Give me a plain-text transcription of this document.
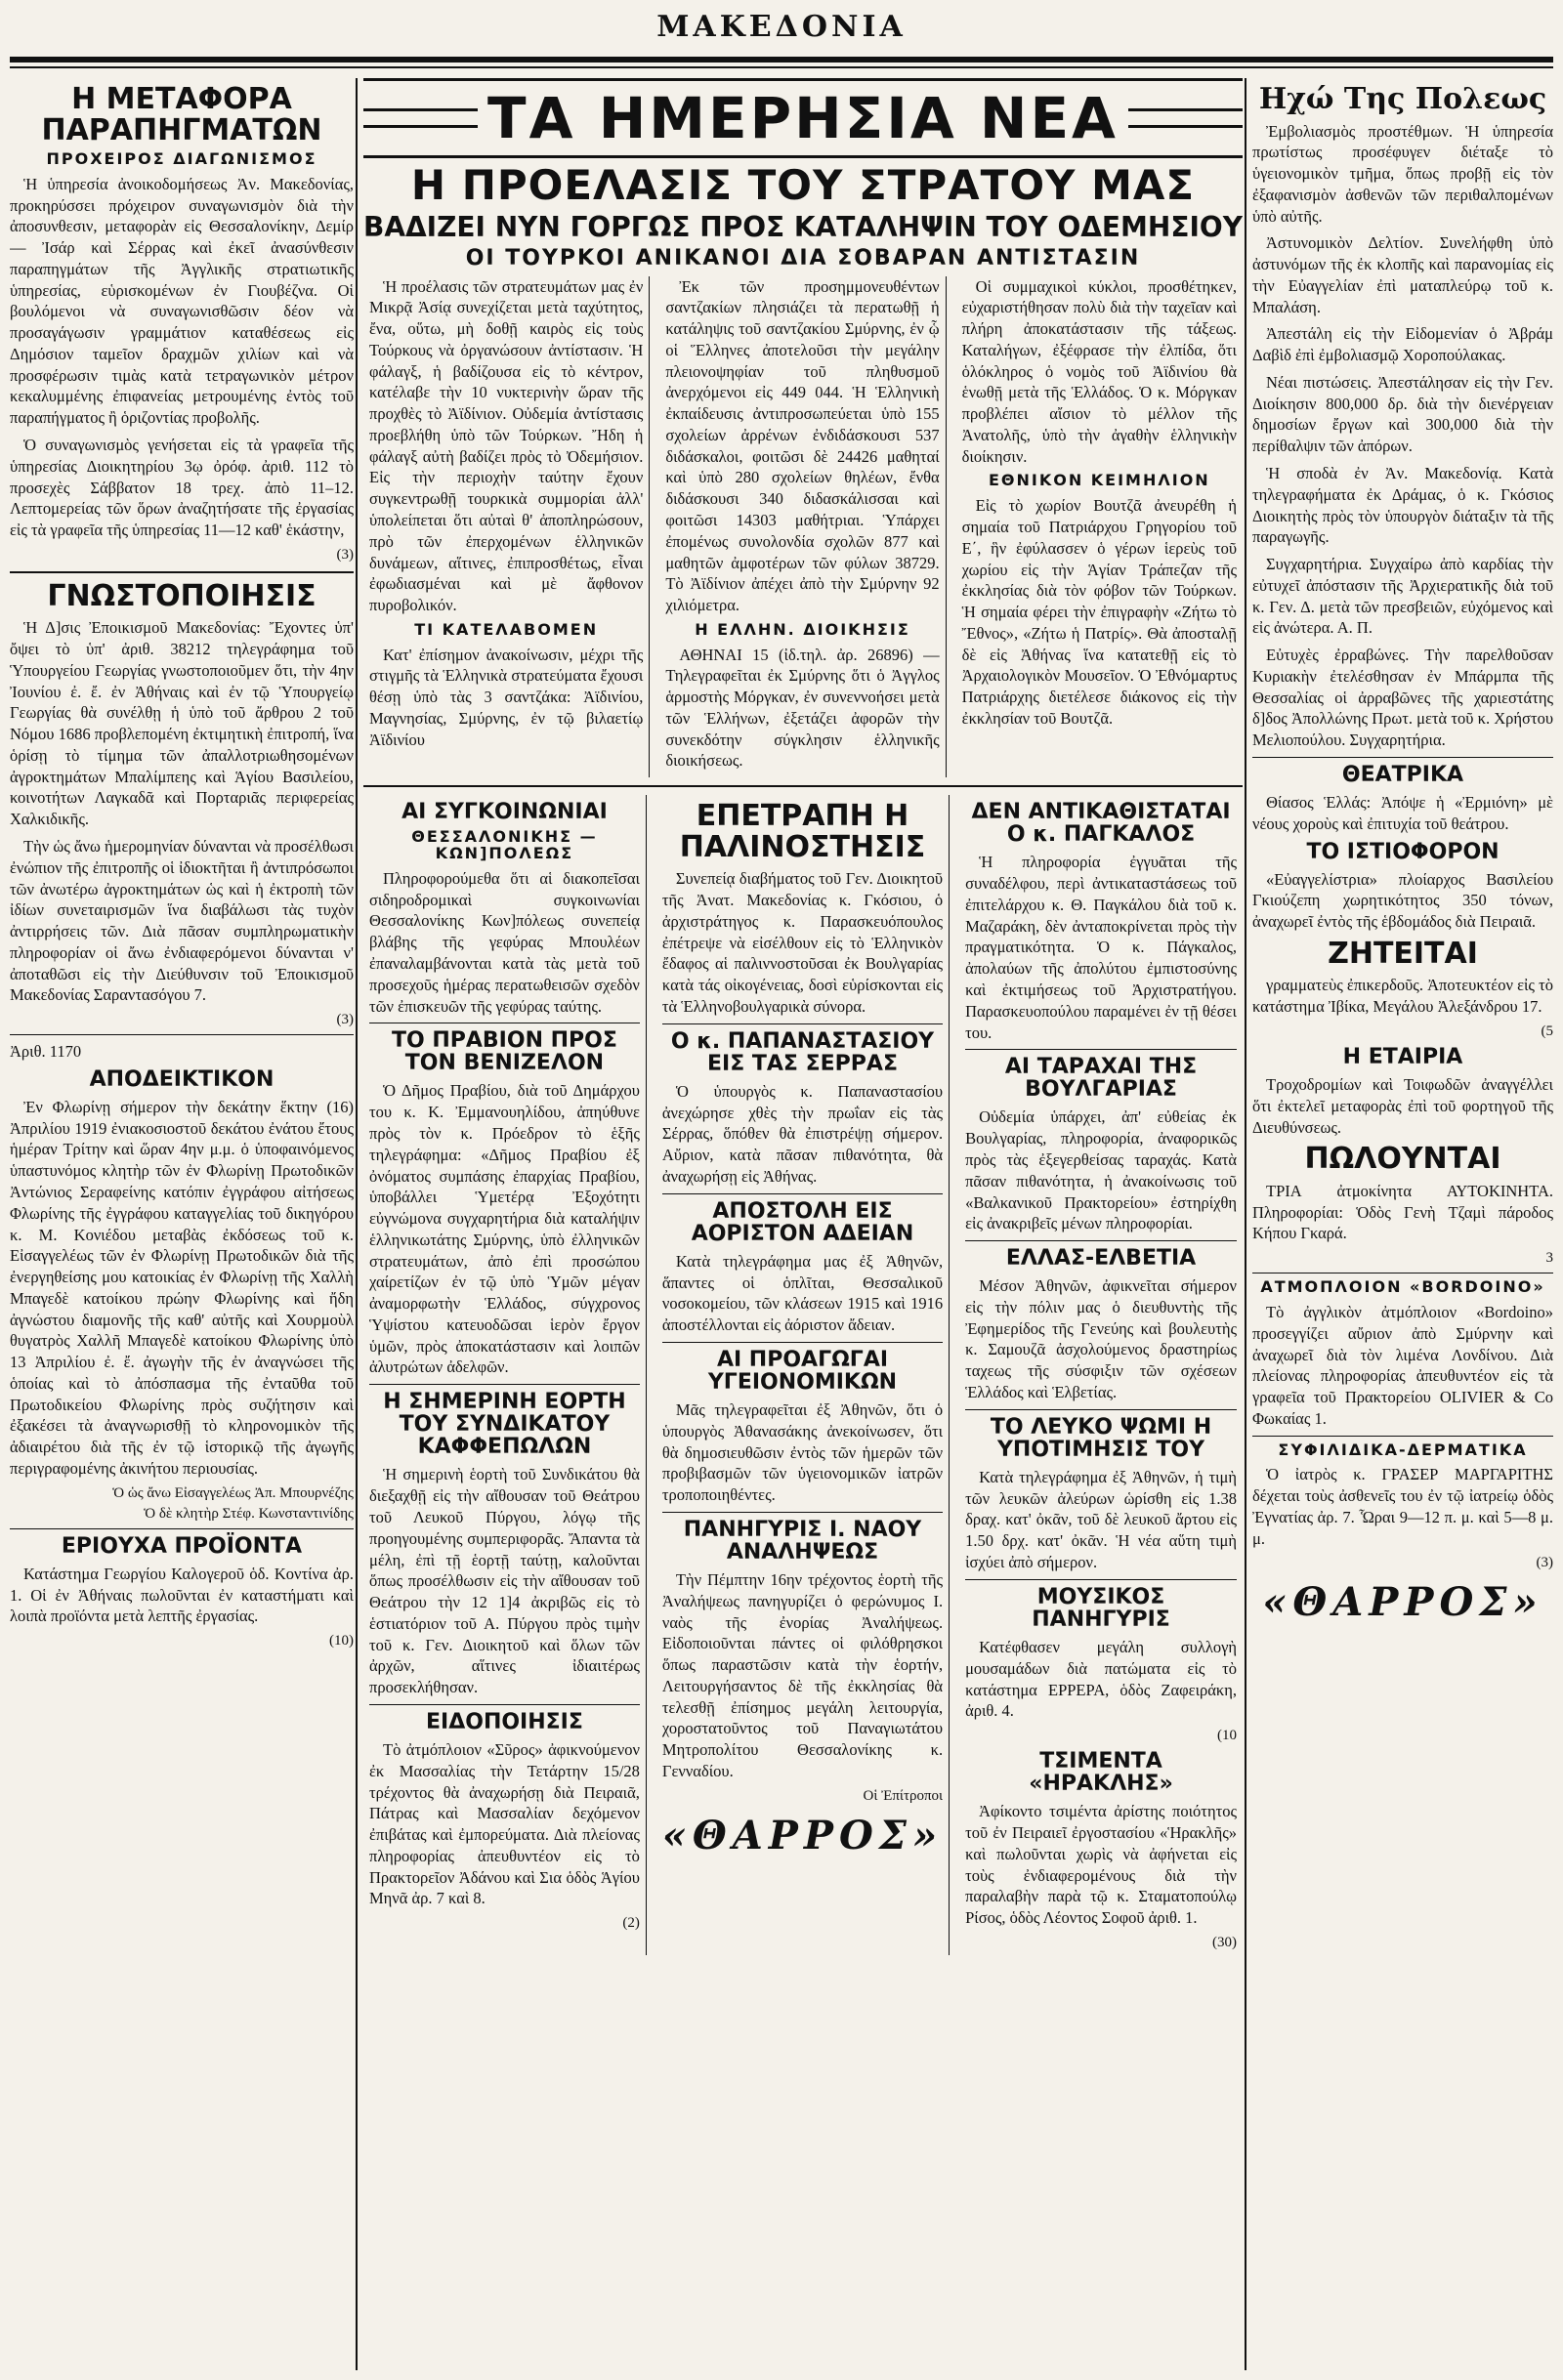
ΜΑΚΕΔΟΝΙΑ
Η ΜΕΤΑΦΟΡΑ ΠΑΡΑΠΗΓΜΑΤΩΝ
ΠΡΟΧΕΙΡΟΣ ΔΙΑΓΩΝΙΣΜΟΣ

Ἡ ὑπηρεσία ἀνοικοδομήσεως Ἀν. Μακεδονίας, προκηρύσσει πρόχειρον συναγωνισμὸν διὰ τὴν ἀποσυνθεσιν, μεταφορὰν εἰς Θεσσαλονίκην, Δεμίρ — Ἰσάρ καὶ Σέρρας καὶ ἐκεῖ ἀνασύνθεσιν παραπηγμάτων τῆς Ἀγγλικῆς στρατιωτικῆς ὑπηρεσίας, εὑρισκομένων ἐν Γιουβέζνα. Οἱ βουλόμενοι νὰ συναγωνισθῶσιν δέον νὰ προσαγάγωσιν γραμμάτιον καταθέσεως εἰς Δημόσιον ταμεῖον δραχμῶν χιλίων καὶ νὰ προσφέρωσιν τιμὰς κατὰ τετραγωνικὸν μέτρον κεκαλυμμένης ἐπιφανείας μετρουμένης ἐντὸς τοῦ παραπήγματος ἢ ὁριζοντίας προβολῆς.

Ὁ συναγωνισμὸς γενήσεται εἰς τὰ γραφεῖα τῆς ὑπηρεσίας Διοικητηρίου 3ῳ ὀρόφ. ἀριθ. 112 τὸ προσεχὲς Σάββατον 18 τρεχ. ἀπὸ 11–12. Λεπτομερείας τῶν ὅρων ἀναζητήσατε τῆς ἐργασίας εἰς τὰ γραφεῖα τῆς ὑπηρεσίας 11—12 καθ' ἑκάστην,

(3)
ΓΝΩΣΤΟΠΟΙΗΣΙΣ

Ἡ Δ]σις Ἐποικισμοῦ Μακεδονίας: Ἔχοντες ὑπ' ὄψει τὸ ὑπ' ἀριθ. 38212 τηλεγράφημα τοῦ Ὑπουργείου Γεωργίας γνωστοποιοῦμεν ὅτι, τὴν 4ην Ἰουνίου ἐ. ἔ. ἐν Ἀθήναις καὶ ἐν τῷ Ὑπουργείῳ Γεωργίας θὰ συνέλθῃ ἡ ὑπὸ τοῦ ἄρθρου 2 τοῦ Νόμου 1686 προβλεπομένη ἐκτιμητικὴ ἐπιτροπή, ἵνα ὁρίσῃ τὸ τίμημα τῶν ἀπαλλοτριωθησομένων ἀγροκτημάτων Μπαλίμπεης καὶ Ἁγίου Βασιλείου, κοινοτήτων Λαγκαδᾶ καὶ Πορταριᾶς περιφερείας Χαλκιδικῆς.

Τὴν ὡς ἄνω ἡμερομηνίαν δύνανται νὰ προσέλθωσι ἐνώπιον τῆς ἐπιτροπῆς οἱ ἰδιοκτῆται ἢ ἀντιπρόσωποι τῶν ἀνωτέρω ἀγροκτημάτων ὡς καὶ ἡ ἐκτροπὴ τῶν ἰδίων συνεταιρισμῶν ἵνα διαβάλωσι τὰς τυχὸν ἀντιρρήσεις τῶν. Διὰ πᾶσαν συμπληρωματικὴν πληροφορίαν οἱ ἄνω ἐνδιαφερόμενοι δύνανται ν' ἀποταθῶσι εἰς τὴν Διεύθυνσιν τοῦ Ἐποικισμοῦ Μακεδονίας Σαραντασόγου 7.

(3)
Ἀριθ. 1170
ΑΠΟΔΕΙΚΤΙΚΟΝ

Ἐν Φλωρίνῃ σήμερον τὴν δεκάτην ἕκτην (16) Ἀπριλίου 1919 ἐνιακοσιοστοῦ δεκάτου ἐνάτου ἔτους ἡμέραν Τρίτην καὶ ὥραν 4ην μ.μ. ὁ ὑποφαινόμενος ὑπαστυνόμος κλητὴρ τῶν ἐν Φλωρίνῃ Πρωτοδικῶν Ἀντώνιος Σεραφείνης κατόπιν ἐγγράφου αἰτήσεως Φλωρίνης τῆς ἐγγράφου καταγγελίας τοῦ δικηγόρου κ. Μ. Κονιέδου μεταβὰς ἐκδόσεως τοῦ κ. Εἰσαγγελέως τῶν ἐν Φλωρίνῃ Πρωτοδικῶν διὰ τῆς ἐνεργηθείσης μου κατοικίας ἐν Φλωρίνῃ τῆς Χαλλὴ Μπαγεδὲ κατοίκου πρώην Φλωρίνης καὶ ἤδη ἀγνώστου διαμονῆς τῆς καθ' αὐτῆς καὶ Χουρμοὺλ θυγατρὸς Χαλλῆ Μπαγεδὲ κατοίκου Φλωρίνης ὑπὸ 13 Ἀπριλίου ἐ. ἔ. ἀγωγὴν τῆς ἐν ἀναγνώσει τῆς ὁποίας καὶ τὸ ἀπόσπασμα τῆς ἐνταῦθα τοῦ Πρωτοδικείου Φλωρίνης πρὸς συζήτησιν καὶ ἐξακέσει τὰ ἀναγνωρισθῇ τὸ κληρονομικὸν τῆς ἀδιαιρέτου διὰ τῆς ἐν τῷ ἱστορικῷ τῆς ἀγωγῆς περιγραφομένης ἀκινήτου περιουσίας.

Ὁ ὡς ἄνω Εἰσαγγελέως Ἀπ. Μπουρνέζης
Ὁ δὲ κλητὴρ Στέφ. Κωνσταντινίδης
ΕΡΙΟΥΧΑ ΠΡΟΪΟΝΤΑ

Κατάστημα Γεωργίου Καλογεροῦ ὁδ. Κοντίνα ἀρ. 1. Οἱ ἐν Ἀθήναις πωλοῦνται ἐν καταστήματι καὶ λοιπὰ προϊόντα μετὰ λεπτῆς ἐργασίας.

(10)
ΤΑ ΗΜΕΡΗΣΙΑ ΝΕΑ
Η ΠΡΟΕΛΑΣΙΣ ΤΟΥ ΣΤΡΑΤΟΥ ΜΑΣ
ΒΑΔΙΖΕΙ ΝΥΝ ΓΟΡΓΩΣ ΠΡΟΣ ΚΑΤΑΛΗΨΙΝ ΤΟΥ ΟΔΕΜΗΣΙΟΥ
ΟΙ ΤΟΥΡΚΟΙ ΑΝΙΚΑΝΟΙ ΔΙΑ ΣΟΒΑΡΑΝ ΑΝΤΙΣΤΑΣΙΝ

Ἡ προέλασις τῶν στρατευμάτων μας ἐν Μικρᾷ Ἀσίᾳ συνεχίζεται μετὰ ταχύτητος, ἔνα, οὕτω, μὴ δοθῇ καιρὸς εἰς τοὺς Τούρκους νὰ ὀργανώσουν ἀντίστασιν. Ἡ φάλαγξ, ἡ βαδίζουσα εἰς τὸ κέντρον, κατέλαβε τὴν 10 νυκτερινὴν ὥραν τῆς προχθὲς τὸ Ἀϊδίνιον. Οὐδεμία ἀντίστασις προεβλήθη ὑπὸ τῶν Τούρκων. Ἤδη ἡ φάλαγξ αὐτὴ βαδίζει πρὸς τὸ Ὀδεμήσιον. Εἰς τὴν περιοχὴν ταύτην ἔχουν συγκεντρωθῇ τουρκικὰ συμμορίαι ἀλλ' ὑπολείπεται ὅτι αὐταὶ θ' ἀποπληρώσουν, πρὸ τῶν ἐπερχομένων ἑλληνικῶν δυνάμεων, αἵτινες, ἐπιπροσθέτως, εἶναι ἐφωδιασμέναι καὶ μὲ ἄφθονον πυροβολικόν.

ΤΙ ΚΑΤΕΛΑΒΟΜΕΝ

Κατ' ἐπίσημον ἀνακοίνωσιν, μέχρι τῆς στιγμῆς τὰ Ἑλληνικὰ στρατεύματα ἔχουσι θέσῃ ὑπὸ τὰς 3 σαντζάκα: Ἀϊδινίου, Μαγνησίας, Σμύρνης, ἐν τῷ βιλαετίῳ Ἀϊδινίου

Ἐκ τῶν προσημμονευθέντων σαντζακίων πλησιάζει τὰ περατωθῇ ἡ κατάληψις τοῦ σαντζακίου Σμύρνης, ἐν ᾧ οἱ Ἕλληνες ἀποτελοῦσι τὴν μεγάλην πλειονοψηφίαν τοῦ πληθυσμοῦ ἀνερχόμενοι εἰς 449 044. Ἡ Ἑλληνικὴ ἐκπαίδευσις ἀντιπροσωπεύεται ὑπὸ 155 σχολείων ἀρρένων ἐνδιδάσκουσι 537 διδάσκαλοι, φοιτῶσι δὲ 24426 μαθηταί καὶ ὑπὸ 280 σχολείων θηλέων, ἔνθα διδάσκουσι 340 διδασκάλισσαι καὶ φοιτῶσι 14303 μαθήτριαι. Ὑπάρχει ἐπομένως συνολονδία σχολῶν 877 καὶ μαθητῶν ἀμφοτέρων τῶν φύλων 38729. Τὸ Ἀϊδίνιον ἀπέχει ἀπὸ τὴν Σμύρνην 92 χιλιόμετρα.

Η ΕΛΛΗΝ. ΔΙΟΙΚΗΣΙΣ

ΑΘΗΝΑΙ 15 (ἰδ.τηλ. ἀρ. 26896) — Τηλεγραφεῖται ἐκ Σμύρνης ὅτι ὁ Ἀγγλος ἁρμοστὴς Μόργκαν, ἐν συνεννοήσει μετὰ τῶν Ἑλλήνων, ἐξετάζει ἀφορῶν τὴν συνεκδότην σύγκλησιν ἑλληνικῆς διοικήσεως.

Οἱ συμμαχικοὶ κύκλοι, προσθέτηκεν, εὐχαριστήθησαν πολὺ διὰ τὴν ταχεῖαν καὶ πλήρη ἀποκατάστασιν τῆς τάξεως. Καταλήγων, ἐξέφρασε τὴν ἐλπίδα, ὅτι ὁλόκληρος ὁ νομὸς τοῦ Ἀϊδινίου θὰ ἑνωθῇ μετὰ τῆς Ἑλλάδος. Ὁ κ. Μόργκαν προβλέπει αἴσιον τὸ μέλλον τῆς Ἀνατολῆς, ὑπὸ τὴν ἀγαθὴν ἑλληνικὴν διοίκησιν.

ΕΘΝΙΚΟΝ ΚΕΙΜΗΛΙΟΝ

Εἰς τὸ χωρίον Βουτζᾶ ἀνευρέθη ἡ σημαία τοῦ Πατριάρχου Γρηγορίου τοῦ Ε΄, ἣν ἐφύλασσεν ὁ γέρων ἱερεὺς τοῦ χωρίου εἰς τὴν Ἁγίαν Τράπεζαν τῆς ἐκκλησίας διὰ τὸν φόβον τῶν Τούρκων. Ἡ σημαία φέρει τὴν ἐπιγραφὴν «Ζήτω τὸ Ἔθνος», «Ζήτω ἡ Πατρίς». Θὰ ἀποσταλῇ δὲ εἰς Ἀθήνας ἵνα κατατεθῇ εἰς τὸ Ἀρχαιολογικὸν Μουσεῖον. Ὁ Ἐθνόμαρτυς Πατριάρχης διετέλεσε διάκονος εἰς τὴν ἐκκλησίαν τοῦ Βουτζᾶ.

ΑΙ ΣΥΓΚΟΙΝΩΝΙΑΙ
ΘΕΣΣΑΛΟΝΙΚΗΣ — ΚΩΝ]ΠΟΛΕΩΣ

Πληροφορούμεθα ὅτι αἱ διακοπεῖσαι σιδηροδρομικαὶ συγκοινωνίαι Θεσσαλονίκης Κων]πόλεως συνεπείᾳ βλάβης τῆς γεφύρας Μπουλέων ἐπαναλαμβάνονται κατὰ τὰς μετὰ τοῦ προσεχοῦς ἡμέρας περατωθεισῶν σχεδὸν τῶν ἐπισκευῶν τῆς γεφύρας ταύτης.

ΤΟ ΠΡΑΒΙΟΝ ΠΡΟΣ ΤΟΝ ΒΕΝΙΖΕΛΟΝ

Ὁ Δῆμος Πραβίου, διὰ τοῦ Δημάρχου του κ. Κ. Ἐμμανουηλίδου, ἀπηύθυνε πρὸς τὸν κ. Πρόεδρον τὸ ἑξῆς τηλεγράφημα: «Δῆμος Πραβίου ἐξ ὀνόματος συμπάσης ἐπαρχίας Πραβίου, ὑποβάλλει Ὑμετέρᾳ Ἐξοχότητι εὐγνώμονα συγχαρητήρια διὰ καταλήψιν ἑλληνικωτάτης Σμύρνης, ὑπὸ ἐλληνικῶν στρατευμάτων, ἀπὸ ἐπὶ προσώπου χαίρετίζων ἐν τῷ ὑπὸ Ὑμῶν μέγαν ἀναμορφωτὴν Ἑλλάδος, σύγχρονος Ὑψίστου κατευοδῶσαι ἱερὸν ἔργον ὑμῶν, πρὸς ἀποκατάστασιν καὶ λοιπῶν ἀλυτρώτων ἀδελφῶν.

Η ΣΗΜΕΡΙΝΗ ΕΟΡΤΗ ΤΟΥ ΣΥΝΔΙΚΑΤΟΥ ΚΑΦΦΕΠΩΛΩΝ

Ἡ σημερινὴ ἑορτὴ τοῦ Συνδικάτου θὰ διεξαχθῇ εἰς τὴν αἴθουσαν τοῦ Θεάτρου τοῦ Λευκοῦ Πύργου, λόγῳ τῆς προηγουμένης συμπεριφορᾶς. Ἄπαντα τὰ μέλη, ἐπὶ τῇ ἑορτῇ ταύτῃ, καλοῦνται ὅπως προσέλθωσιν εἰς τὴν αἴθουσαν τοῦ Θεάτρου τὴν 12 1]4 ἀκριβῶς εἰς τὸ ἑστιατόριον τοῦ Α. Πύργου πρὸς τιμὴν τοῦ κ. Γεν. Διοικητοῦ καὶ ὅλων τῶν ἀρχῶν, αἵτινες ἰδιαιτέρως προσεκλήθησαν.

ΕΙΔΟΠΟΙΗΣΙΣ

Τὸ ἀτμόπλοιον «Σῦρος» ἀφικνούμενον ἐκ Μασσαλίας τὴν Τετάρτην 15/28 τρέχοντος θὰ ἀναχωρήσῃ διὰ Πειραιᾶ, Πάτρας καὶ Μασσαλίαν δεχόμενον ἐπιβάτας καὶ ἐμπορεύματα. Διὰ πλείονας πληροφορίας ἀπευθυντέον εἰς τὸ Πρακτορεῖον Ἀδάνου καὶ Σια ὁδὸς Ἁγίου Μηνᾶ ἀρ. 7 καὶ 8.

(2)
ΕΠΕΤΡΑΠΗ Η ΠΑΛΙΝΟΣΤΗΣΙΣ

Συνεπείᾳ διαβήματος τοῦ Γεν. Διοικητοῦ τῆς Ἀνατ. Μακεδονίας κ. Γκόσιου, ὁ ἀρχιστράτηγος κ. Παρασκευόπουλος ἐπέτρεψε νὰ εἰσέλθουν εἰς τὸ Ἑλληνικὸν ἔδαφος αἱ παλιννοστοῦσαι ἐκ Βουλγαρίας κατὰ τάς οἰκογένειας, δοσὶ εὑρίσκονται εἰς τὰ Ἑλληνοβουλγαρικὰ σύνορα.

Ο κ. ΠΑΠΑΝΑΣΤΑΣΙΟΥ ΕΙΣ ΤΑΣ ΣΕΡΡΑΣ

Ὁ ὑπουργὸς κ. Παπαναστασίου ἀνεχώρησε χθὲς τὴν πρωΐαν εἰς τὰς Σέρρας, ὅπόθεν θὰ ἐπιστρέψῃ σήμερον. Αὔριον, κατὰ πᾶσαν πιθανότητα, θὰ ἀναχωρήσῃ εἰς Ἀθήνας.

ΑΠΟΣΤΟΛΗ ΕΙΣ ΑΟΡΙΣΤΟΝ ΑΔΕΙΑΝ

Κατὰ τηλεγράφημα μας ἐξ Ἀθηνῶν, ἅπαντες οἱ ὁπλῖται, Θεσσαλικοῦ νοσοκομείου, τῶν κλάσεων 1915 καὶ 1916 ἀποστέλλονται εἰς ἀόριστον ἄδειαν.

ΑΙ ΠΡΟΑΓΩΓΑΙ ΥΓΕΙΟΝΟΜΙΚΩΝ

Μᾶς τηλεγραφεῖται ἐξ Ἀθηνῶν, ὅτι ὁ ὑπουργὸς Ἀθανασάκης ἀνεκοίνωσεν, ὅτι θὰ δημοσιευθῶσιν ἐντὸς τῶν ἡμερῶν τῶν προβιβασμῶν τῶν ὑγειονομικῶν ἰατρῶν τροποποιηθέντες.

ΠΑΝΗΓΥΡΙΣ Ι. ΝΑΟΥ ΑΝΑΛΗΨΕΩΣ

Τὴν Πέμπτην 16ην τρέχοντος ἑορτὴ τῆς Ἀναλήψεως πανηγυρίζει ὁ φερώνυμος Ι. ναὸς τῆς ἐνορίας Ἀναλήψεως. Εἰδοποιοῦνται πάντες οἱ φιλόθρησκοι ὅπως παραστῶσιν κατὰ τὴν ἑορτήν, Λειτουργήσαντος δὲ τῆς ἐκκλησίας θὰ τελεσθῇ ἐπίσημος μεγάλη λειτουργία, χοροστατοῦντος τοῦ Παναγιωτάτου Μητροπολίτου Θεσσαλονίκης κ. Γενναδίου.

Οἱ Ἐπίτροποι
«ΘΑΡΡΟΣ»
ΔΕΝ ΑΝΤΙΚΑΘΙΣΤΑΤΑΙ Ο κ. ΠΑΓΚΑΛΟΣ

Ἡ πληροφορία ἐγγυᾶται τῆς συναδέλφου, περὶ ἀντικαταστάσεως τοῦ ἐπιτελάρχου κ. Θ. Παγκάλου διὰ τοῦ κ. Μαζαράκη, δὲν ἀνταποκρίνεται πρὸς τὴν πραγματικότητα. Ὁ κ. Πάγκαλος, ἀπολαύων τῆς ἀπολύτου ἐμπιστοσύνης καὶ ἐκτιμήσεως τοῦ Ἀρχιστρατήγου. Παρασκευοπούλου παραμένει ἐν τῇ θέσει του.

ΑΙ ΤΑΡΑΧΑΙ ΤΗΣ ΒΟΥΛΓΑΡΙΑΣ

Οὐδεμία ὑπάρχει, ἀπ' εὐθείας ἐκ Βουλγαρίας, πληροφορία, ἀναφορικῶς πρὸς τὰς ἐξεγερθείσας ταραχάς. Κατὰ πᾶσαν πιθανότητα, ἡ ἀνακοίνωσις τοῦ «Βαλκανικοῦ Πρακτορείου» ἐστηρίχθη εἰς ἀνακριβεῖς μένων πληροφορίαι.

ΕΛΛΑΣ-ΕΛΒΕΤΙΑ

Μέσον Ἀθηνῶν, ἀφικνεῖται σήμερον εἰς τὴν πόλιν μας ὁ διευθυντὴς τῆς Ἐφημερίδος τῆς Γενεύης καὶ βουλευτὴς κ. Σαμουζᾶ ἀσχολούμενος δραστηρίως ταχεως τῆς σύσφιξιν τῶν σχέσεων Ἑλλάδος καὶ Ἑλβετίας.

ΤΟ ΛΕΥΚΟ ΨΩΜΙ Η ΥΠΟΤΙΜΗΣΙΣ ΤΟΥ

Κατὰ τηλεγράφημα ἐξ Ἀθηνῶν, ἡ τιμὴ τῶν λευκῶν ἀλεύρων ὡρίσθη εἰς 1.38 δραχ. κατ' ὀκᾶν, τοῦ δὲ λευκοῦ ἄρτου εἰς 1.50 δρχ. κατ' ὀκᾶν. Ἡ νέα αὕτη τιμὴ ἰσχύει ἀπὸ σήμερον.

ΜΟΥΣΙΚΟΣ ΠΑΝΗΓΥΡΙΣ

Κατέφθασεν μεγάλη συλλογὴ μουσαμάδων διὰ πατώματα εἰς τὸ κατάστημα ΕΡΡΕΡΑ, ὁδὸς Ζαφειράκη, ἀριθ. 4.

(10
ΤΣΙΜΕΝΤΑ «ΗΡΑΚΛΗΣ»

Ἀφίκοντο τσιμέντα ἀρίστης ποιότητος τοῦ ἐν Πειραιεῖ ἐργοστασίου «Ἡρακλῆς» καὶ πωλοῦνται χωρὶς νὰ ἀφήνεται εἰς τοὺς ἐνδιαφερομένους διὰ τὴν παραλαβὴν παρὰ τῷ κ. Σταματοπούλῳ Ρίσος, ὁδὸς Λέοντος Σοφοῦ ἀριθ. 1.

(30)
Ηχώ Της Πολεως

Ἐμβολιασμὸς προστέθμων. Ἡ ὑπηρεσία πρωτίστως προσέφυγεν διέταξε τὸ ὑγειονομικὸν τμῆμα, ὅπως προβῇ εἰς τὸν ἐξαφανισμὸν ἀσθενῶν τῶν περιθαλπομένων ὑπὸ αὐτῆς.

Ἀστυνομικὸν Δελτίον. Συνελήφθη ὑπὸ ἀστυνόμων τῆς ἐκ κλοπῆς καὶ παρανομίας εἰς τὴν Εὐαγγελίαν ἐπὶ ματαπλεύρῳ τοῦ κ. Μπαλάση.

Ἀπεστάλη εἰς τὴν Εἰδομενίαν ὁ Ἀβράμ Δαβὶδ ἐπὶ ἐμβολιασμῷ Χοροπούλακας.

Νέαι πιστώσεις. Ἀπεστάλησαν εἰς τὴν Γεν. Διοίκησιν 800,000 δρ. διὰ τὴν διενέργειαν δημοσίων ἔργων καὶ 300,000 διὰ τὴν περίθαλψιν τῶν ἀπόρων.

Ἡ σποδὰ ἐν Ἀν. Μακεδονίᾳ. Κατὰ τηλεγραφήματα ἐκ Δράμας, ὁ κ. Γκόσιος Διοικητὴς πρὸς τὸν ὑπουργὸν διάταξιν τὰ τῆς παραγωγῆς.

Συγχαρητήρια. Συγχαίρω ἀπὸ καρδίας τὴν εὐτυχεῖ ἀπόστασιν τῆς Ἀρχιερατικῆς διὰ τοῦ κ. Γεν. Δ. μετὰ τῶν πρεσβειῶν, εὐχόμενος καὶ εἰς ἀνώτερα. Α. Π.

Εὐτυχὲς ἐρραβώνες. Τὴν παρελθοῦσαν Κυριακὴν ἐτελέσθησαν ἐν Μπάρμπα τῆς Θεσσαλίας οἱ ἀρραβῶνες τῆς χαριεστάτης δ]δος Ἀπολλώνης Πρωτ. μετὰ τοῦ κ. Χρήστου Μελιοπούλου. Συγχαρητήρια.

ΘΕΑΤΡΙΚΑ

Θίασος Ἑλλάς: Ἀπόψε ἡ «Ἐρμιόνη» μὲ νέους χοροὺς καὶ ἐπιτυχία τοῦ θεάτρου.

ΤΟ ΙΣΤΙΟΦΟΡΟΝ

«Εὐαγγελίστρια» πλοίαρχος Βασιλείου Γκιούζεπη χωρητικότητος 350 τόνων, ἀναχωρεῖ ἐντὸς τῆς ἑβδομάδος διὰ Πειραιᾶ.

ΖΗΤΕΙΤΑΙ

γραμματεὺς ἐπικερδοῦς. Ἀποτευκτέον εἰς τὸ κατάστημα Ἰβίκα, Μεγάλου Ἀλεξάνδρου 17.

(5
Η ΕΤΑΙΡΙΑ

Τροχοδρομίων καὶ Τοιφωδῶν ἀναγγέλλει ὅτι ἐκτελεῖ μεταφορὰς ἐπὶ τοῦ φορτηγοῦ τῆς Διευθύνσεως.

ΠΩΛΟΥΝΤΑΙ

ΤΡΙΑ ἀτμοκίνητα ΑΥΤΟΚΙΝΗΤΑ. Πληροφορίαι: Ὁδὸς Γενὴ Τζαμὶ πάροδος Κήπου Γκαρά.

3
ΑΤΜΟΠΛΟΙΟΝ «BORDOINO»

Τὸ ἀγγλικὸν ἀτμόπλοιον «Bordoino» προσεγγίζει αὔριον ἀπὸ Σμύρνην καὶ ἀναχωρεῖ διὰ τὸν λιμένα Λονδίνου. Διὰ πλείονας πληροφορίας ἀπευθυντέον εἰς τὰ γραφεῖα τοῦ Πρακτορείου OLIVIER & Co Φωκαίας 1.

ΣΥΦΙΛΙΔΙΚΑ-ΔΕΡΜΑΤΙΚΑ

Ὁ ἰατρὸς κ. ΓΡΑΣΕΡ ΜΑΡΓΑΡΙΤΗΣ δέχεται τοὺς ἀσθενεῖς του ἐν τῷ ἰατρείῳ ὁδὸς Ἐγνατίας ἀρ. 7. Ὧραι 9—12 π. μ. καὶ 5—8 μ. μ.

(3)
«ΘΑΡΡΟΣ»
